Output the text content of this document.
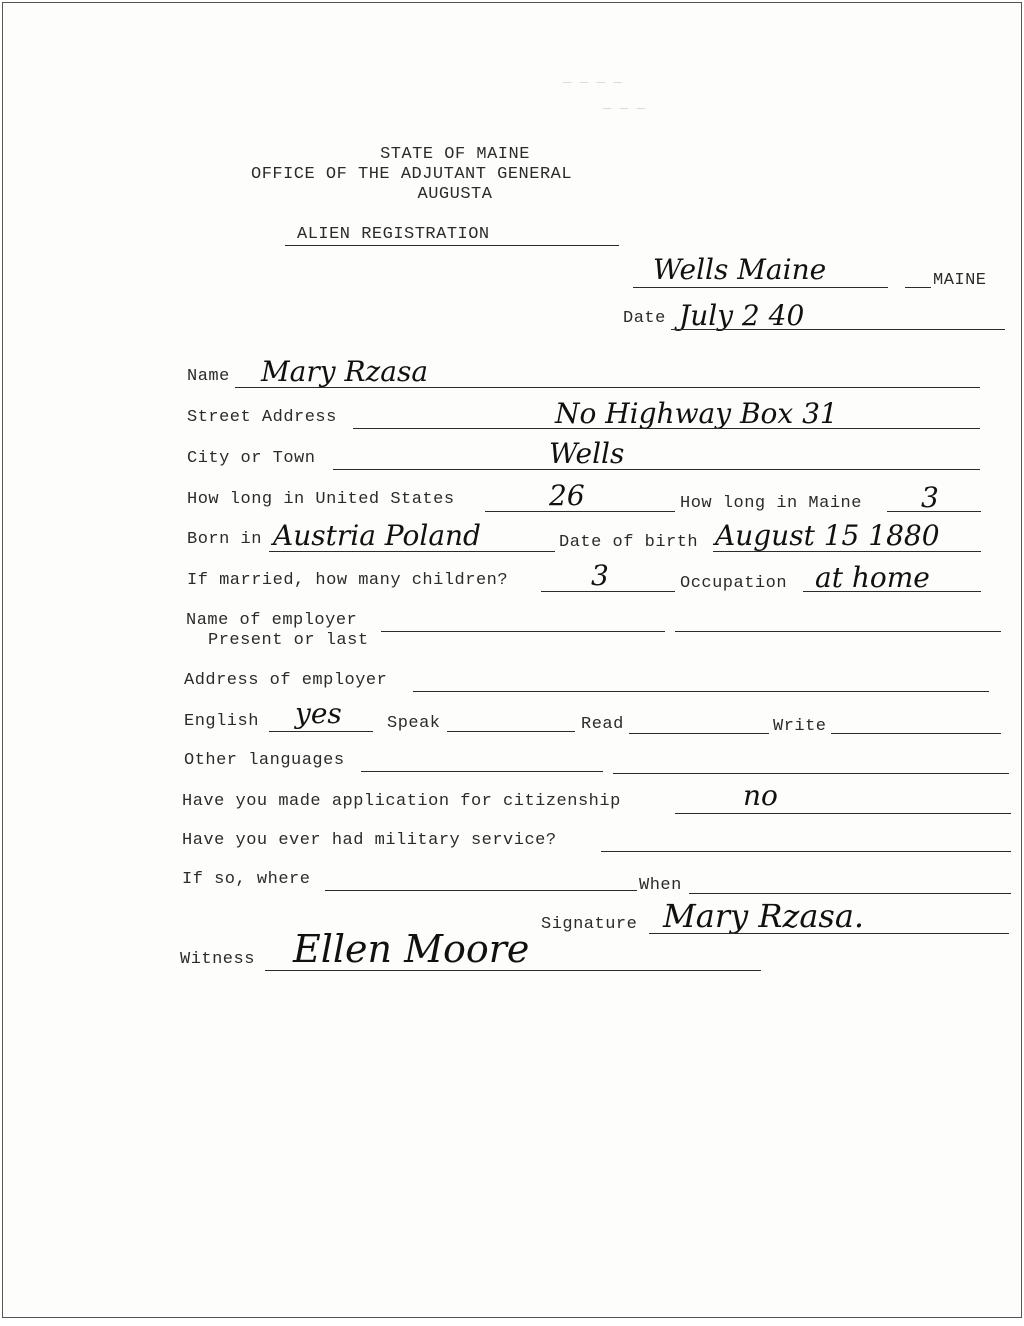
— — — —
— — —
STATE OF MAINE
OFFICE OF THE ADJUTANT GENERAL
AUGUSTA
ALIEN REGISTRATION
Wells Maine	MAINE
Date July 2 40
Name Mary Rzasa
Street Address	No Highway Box 31
City or Town	Wells
How long in United States	26	How long in Maine 3
Born in Austria Poland	Date of birth August 15 1880
If married, how many children?	3	Occupation at home
Name of employer
Present or last
Address of employer
English yes	Speak	Read	Write
Other languages
Have you made application for citizenship	no
Have you ever had military service?
If so, where	When
Signature Mary Rzasa.
Witness Ellen Moore
